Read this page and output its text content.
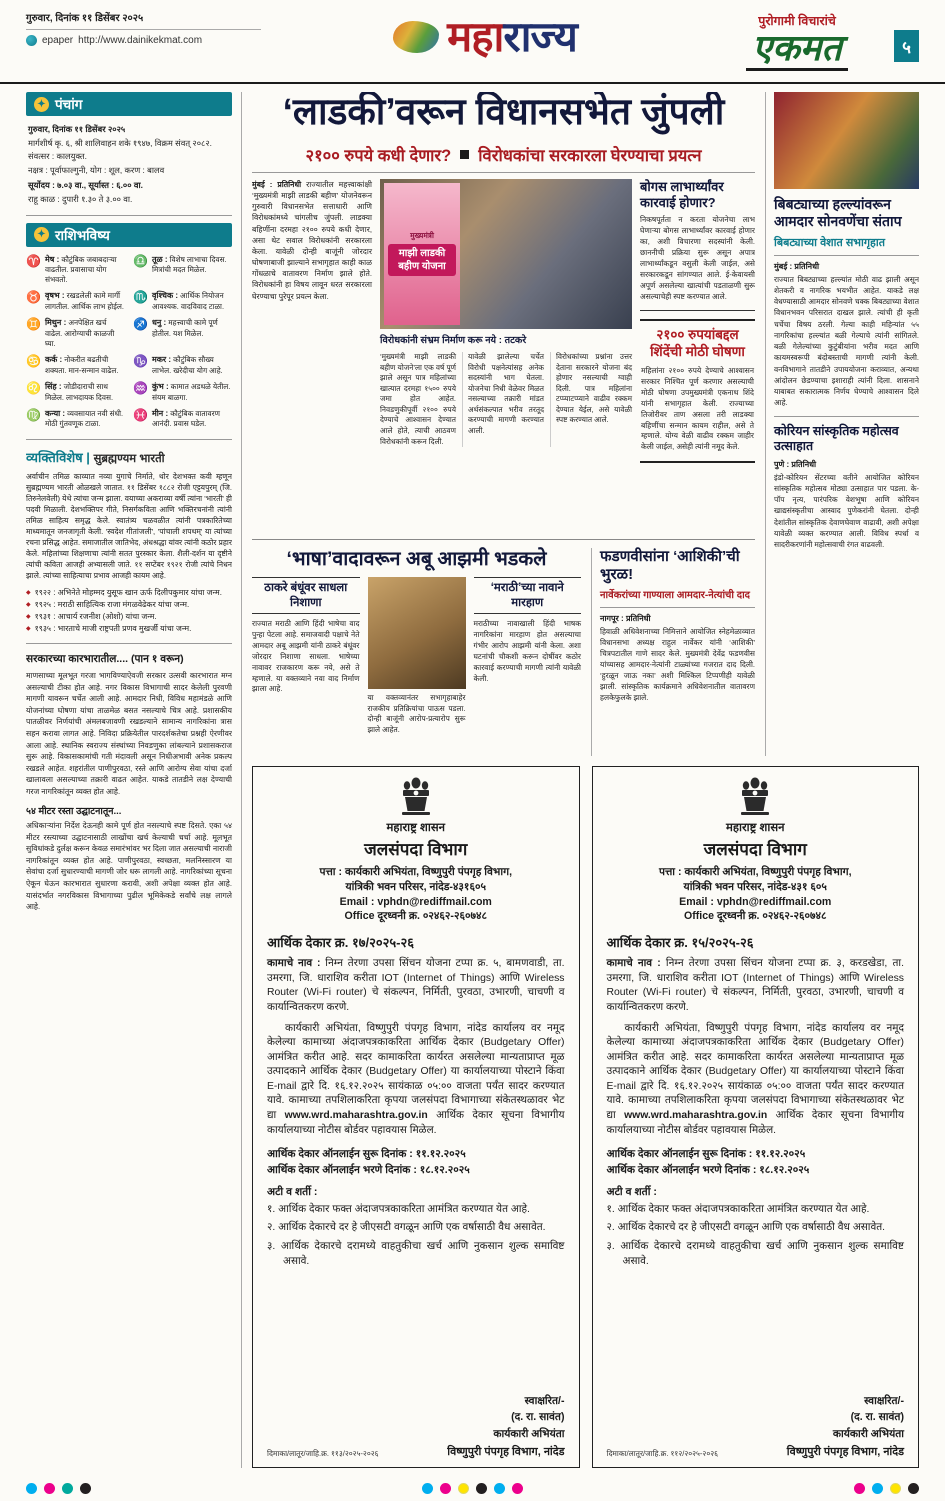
गुरुवार, दिनांक ११ डिसेंबर २०२५
epaper http://www.dainikekmat.com	महाराज्य	पुरोगामी विचारांचे
एकमत	५
✦ पंचांग
गुरुवार, दिनांक ११ डिसेंबर २०२५
मार्गशीर्ष कृ. ६, श्री शालिवाहन शके १९४७, विक्रम संवत् २०८२. संवत्सर : कालयुक्त.
नक्षत्र : पूर्वाफाल्गुनी, योग : शूल, करण : बालव
सूर्योदय : ७.०३ वा., सूर्यास्त : ६.०० वा.
राहू काळ : दुपारी १.३० ते ३.०० वा.
✦ राशिभविष्य
♈ मेष : कौटुंबिक जबाबदाऱ्या वाढतील. प्रवासाचा योग संभवतो.
♎ तूळ : विशेष लाभाचा दिवस. मित्रांची मदत मिळेल.
♉ वृषभ : रखडलेली कामे मार्गी लागतील. आर्थिक लाभ होईल.
♏ वृश्चिक : आर्थिक नियोजन आवश्यक. वादविवाद टाळा.
♊ मिथुन : अनपेक्षित खर्च वाढेल. आरोग्याची काळजी घ्या.
♐ धनु : महत्त्वाची कामे पूर्ण होतील. यश मिळेल.
♋ कर्क : नोकरीत बढतीची शक्यता. मान-सन्मान वाढेल.
♑ मकर : कौटुंबिक सौख्य लाभेल. खरेदीचा योग आहे.
♌ सिंह : जोडीदाराची साथ मिळेल. लाभदायक दिवस.
♒ कुंभ : कामात अडथळे येतील. संयम बाळगा.
♍ कन्या : व्यवसायात नवी संधी. मोठी गुंतवणूक टाळा.
♓ मीन : कौटुंबिक वातावरण आनंदी. प्रवास घडेल.
व्यक्तिविशेष | सुब्रह्मण्यम भारती
अर्वाचीन तमिळ काव्यात नव्या युगाचे निर्माते, थोर देशभक्त कवी म्हणून सुब्रह्मण्यम भारती ओळखले जातात. ११ डिसेंबर १८८२ रोजी एट्टयपुरम् (जि. तिरुनेलवेली) येथे त्यांचा जन्म झाला. वयाच्या अकराव्या वर्षी त्यांना 'भारती' ही पदवी मिळाली. देशभक्तिपर गीते, निसर्गकविता आणि भक्तिरचनांनी त्यांनी तमिळ साहित्य समृद्ध केले. स्वातंत्र्य चळवळीत त्यांनी पत्रकारितेच्या माध्यमातून जनजागृती केली. 'स्वदेश गीतांजली', 'पांचाली शपथम्' या त्यांच्या रचना प्रसिद्ध आहेत. समाजातील जातिभेद, अंधश्रद्धा यांवर त्यांनी कठोर प्रहार केले. महिलांच्या शिक्षणाचा त्यांनी सतत पुरस्कार केला. शैली-दर्शन या दृष्टीने त्यांची कविता आजही अभ्यासली जाते. ११ सप्टेंबर १९२१ रोजी त्यांचे निधन झाले. त्यांच्या साहित्याचा प्रभाव आजही कायम आहे.
◆ १९२२ : अभिनेते मोहम्मद युसूफ खान ऊर्फ दिलीपकुमार यांचा जन्म.
◆ १९२५ : मराठी साहित्यिक राजा मंगळवेढेकर यांचा जन्म.
◆ १९३१ : आचार्य रजनीश (ओशो) यांचा जन्म.
◆ १९३५ : भारताचे माजी राष्ट्रपती प्रणव मुखर्जी यांचा जन्म.
सरकारच्या कारभारातील.... (पान १ वरून)
माणसाच्या मूलभूत गरजा भागविण्याऐवजी सरकार उत्सवी कारभारात मग्न असल्याची टीका होत आहे. नगर विकास विभागाची सादर केलेली पुरवणी मागणी यावरून चर्चेत आली आहे. आमदार निधी, विविध महामंडळे आणि योजनांच्या घोषणा यांचा ताळमेळ बसत नसल्याचे चित्र आहे. प्रशासकीय पातळीवर निर्णयांची अंमलबजावणी रखडल्याने सामान्य नागरिकांना त्रास सहन करावा लागत आहे. निविदा प्रक्रियेतील पारदर्शकतेचा प्रश्नही ऐरणीवर आला आहे. स्थानिक स्वराज्य संस्थांच्या निवडणुका लांबल्याने प्रशासकराज सुरू आहे. विकासकामांची गती मंदावली असून निधीअभावी अनेक प्रकल्प रखडले आहेत. शहरांतील पाणीपुरवठा, रस्ते आणि आरोग्य सेवा यांचा दर्जा खालावला असल्याच्या तक्रारी वाढत आहेत. याकडे तातडीने लक्ष देण्याची गरज नागरिकांतून व्यक्त होत आहे.
५४ मीटर रस्ता उद्घाटनातून...
अधिकाऱ्यांना निर्देश देऊनही कामे पूर्ण होत नसल्याचे स्पष्ट दिसते. एका ५४ मीटर रस्त्याच्या उद्घाटनासाठी लाखोंचा खर्च केल्याची चर्चा आहे. मूलभूत सुविधांकडे दुर्लक्ष करून केवळ समारंभांवर भर दिला जात असल्याची नाराजी नागरिकांतून व्यक्त होत आहे. पाणीपुरवठा, स्वच्छता, मलनिस्सारण या सेवांचा दर्जा सुधारण्याची मागणी जोर धरू लागली आहे. नागरिकांच्या सूचना ऐकून घेऊन कारभारात सुधारणा करावी, अशी अपेक्षा व्यक्त होत आहे. यासंदर्भात नगरविकास विभागाच्या पुढील भूमिकेकडे सर्वांचे लक्ष लागले आहे.
‘लाडकी’वरून विधानसभेत जुंपली
२१०० रुपये कधी देणार? विरोधकांचा सरकारला घेरण्याचा प्रयत्न
मुंबई : प्रतिनिधी राज्यातील महत्त्वाकांक्षी ‘मुख्यमंत्री माझी लाडकी बहीण’ योजनेवरून गुरुवारी विधानसभेत सत्ताधारी आणि विरोधकांमध्ये चांगलीच जुंपली. लाडक्या बहिणींना दरमहा २१०० रुपये कधी देणार, असा थेट सवाल विरोधकांनी सरकारला केला. यावेळी दोन्ही बाजूंनी जोरदार घोषणाबाजी झाल्याने सभागृहात काही काळ गोंधळाचे वातावरण निर्माण झाले होते. विरोधकांनी हा विषय लावून धरत सरकारला घेरण्याचा पुरेपूर प्रयत्न केला.
मुख्यमंत्री
माझी लाडकी बहीण योजना
विरोधकांनी संभ्रम निर्माण करू नये : तटकरे
‘मुख्यमंत्री माझी लाडकी बहीण योजने’ला एक वर्ष पूर्ण झाले असून पात्र महिलांच्या खात्यात दरमहा १५०० रुपये जमा होत आहेत. निवडणुकीपूर्वी २१०० रुपये देण्याचे आश्वासन देण्यात आले होते, त्याची आठवण विरोधकांनी करून दिली.
यावेळी झालेल्या चर्चेत विरोधी पक्षनेत्यांसह अनेक सदस्यांनी भाग घेतला. योजनेचा निधी वेळेवर मिळत नसल्याच्या तक्रारी मांडत अर्थसंकल्पात भरीव तरतूद करण्याची मागणी करण्यात आली.
विरोधकांच्या प्रश्नांना उत्तर देताना सरकारने योजना बंद होणार नसल्याची ग्वाही दिली. पात्र महिलांना टप्प्याटप्प्याने वाढीव रक्कम देण्यात येईल, असे यावेळी स्पष्ट करण्यात आले.
बोगस लाभार्थ्यांवर कारवाई होणार?
निकषपूर्तता न करता योजनेचा लाभ घेणाऱ्या बोगस लाभार्थ्यांवर कारवाई होणार का, अशी विचारणा सदस्यांनी केली. छाननीची प्रक्रिया सुरू असून अपात्र लाभार्थ्यांकडून वसुली केली जाईल, असे सरकारकडून सांगण्यात आले. ई-केवायसी अपूर्ण असलेल्या खात्यांची पडताळणी सुरू असल्याचेही स्पष्ट करण्यात आले.
२१०० रुपयांबद्दल शिंदेंची मोठी घोषणा
महिलांना २१०० रुपये देण्याचे आश्वासन सरकार निश्चित पूर्ण करणार असल्याची मोठी घोषणा उपमुख्यमंत्री एकनाथ शिंदे यांनी सभागृहात केली. राज्याच्या तिजोरीवर ताण असला तरी लाडक्या बहिणींचा सन्मान कायम राहील, असे ते म्हणाले. योग्य वेळी वाढीव रक्कम जाहीर केली जाईल, असेही त्यांनी नमूद केले.
‘भाषा’वादावरून अबू आझमी भडकले
ठाकरे बंधूंवर साधला निशाणा
राज्यात मराठी आणि हिंदी भाषेचा वाद पुन्हा पेटला आहे. समाजवादी पक्षाचे नेते आमदार अबू आझमी यांनी ठाकरे बंधूंवर जोरदार निशाणा साधला. भाषेच्या नावावर राजकारण करू नये, असे ते म्हणाले. या वक्तव्याने नवा वाद निर्माण झाला आहे.
या वक्तव्यानंतर सभागृहाबाहेर राजकीय प्रतिक्रियांचा पाऊस पडला. दोन्ही बाजूंनी आरोप-प्रत्यारोप सुरू झाले आहेत.
‘मराठी’च्या नावाने मारहाण
मराठीच्या नावाखाली हिंदी भाषक नागरिकांना मारहाण होत असल्याचा गंभीर आरोप आझमी यांनी केला. अशा घटनांची चौकशी करून दोषींवर कठोर कारवाई करण्याची मागणी त्यांनी यावेळी केली.
फडणवीसांना ‘आशिकी’ची भुरळ!
नार्वेकरांच्या गाण्याला आमदार-नेत्यांची दाद
नागपूर : प्रतिनिधी
हिवाळी अधिवेशनाच्या निमित्ताने आयोजित स्नेहमेळाव्यात विधानसभा अध्यक्ष राहुल नार्वेकर यांनी ‘आशिकी’ चित्रपटातील गाणे सादर केले. मुख्यमंत्री देवेंद्र फडणवीस यांच्यासह आमदार-नेत्यांनी टाळ्यांच्या गजरात दाद दिली. ‘हुरळून जाऊ नका’ अशी मिश्किल टिप्पणीही यावेळी झाली. सांस्कृतिक कार्यक्रमाने अधिवेशनातील वातावरण हलकेफुलके झाले.
बिबट्याच्या हल्ल्यांवरून आमदार सोनवणेंचा संताप
बिबट्याच्या वेशात सभागृहात
मुंबई : प्रतिनिधी
राज्यात बिबट्याच्या हल्ल्यांत मोठी वाढ झाली असून शेतकरी व नागरिक भयभीत आहेत. याकडे लक्ष वेधण्यासाठी आमदार सोनवणे चक्क बिबट्याच्या वेशात विधानभवन परिसरात दाखल झाले. त्यांची ही कृती चर्चेचा विषय ठरली. गेल्या काही महिन्यांत ५५ नागरिकांचा हल्ल्यांत बळी गेल्याचे त्यांनी सांगितले. बळी गेलेल्यांच्या कुटुंबीयांना भरीव मदत आणि कायमस्वरूपी बंदोबस्ताची मागणी त्यांनी केली. वनविभागाने तातडीने उपाययोजना कराव्यात, अन्यथा आंदोलन छेडण्याचा इशाराही त्यांनी दिला. शासनाने याबाबत सकारात्मक निर्णय घेण्याचे आश्वासन दिले आहे.
कोरियन सांस्कृतिक महोत्सव उत्साहात
पुणे : प्रतिनिधी
इंडो-कोरियन सेंटरच्या वतीने आयोजित कोरियन सांस्कृतिक महोत्सव मोठ्या उत्साहात पार पडला. के-पॉप नृत्य, पारंपरिक वेशभूषा आणि कोरियन खाद्यसंस्कृतीचा आस्वाद पुणेकरांनी घेतला. दोन्ही देशांतील सांस्कृतिक देवाणघेवाण वाढावी, अशी अपेक्षा यावेळी व्यक्त करण्यात आली. विविध स्पर्धा व सादरीकरणांनी महोत्सवाची रंगत वाढवली.
महाराष्ट्र शासन
जलसंपदा विभाग
पत्ता : कार्यकारी अभियंता, विष्णुपुरी पंपगृह विभाग,
यांत्रिकी भवन परिसर, नांदेड-४३१६०५
Email : vphdn@rediffmail.com
Office दूरध्वनी क्र. ०२४६२-२६०७४८
आर्थिक देकार क्र. १७/२०२५-२६
कामाचे नाव : निम्न तेरणा उपसा सिंचन योजना टप्पा क्र. ५, बामणवाडी, ता. उमरगा, जि. धाराशिव करीता IOT (Internet of Things) आणि Wireless Router (Wi-Fi router) चे संकल्पन, निर्मिती, पुरवठा, उभारणी, चाचणी व कार्यान्वितकरण करणे.
कार्यकारी अभियंता, विष्णुपुरी पंपगृह विभाग, नांदेड कार्यालय वर नमूद केलेल्या कामाच्या अंदाजपत्रकाकरिता आर्थिक देकार (Budgetary Offer) आमंत्रित करीत आहे. सदर कामाकरिता कार्यरत असलेल्या मान्यताप्राप्त मूळ उत्पादकाने आर्थिक देकार (Budgetary Offer) या कार्यालयाच्या पोस्टाने किंवा E-mail द्वारे दि. १६.१२.२०२५ सायंकाळ ०५:०० वाजता पर्यंत सादर करण्यात यावे. कामाच्या तपशिलाकरिता कृपया जलसंपदा विभागाच्या संकेतस्थळावर भेट द्या www.wrd.maharashtra.gov.in आर्थिक देकार सूचना विभागीय कार्यालयाच्या नोटीस बोर्डवर पहावयास मिळेल.
आर्थिक देकार ऑनलाईन सुरू दिनांक : ११.१२.२०२५
आर्थिक देकार ऑनलाईन भरणे दिनांक : १८.१२.२०२५
अटी व शर्ती :
१. आर्थिक देकार फक्त अंदाजपत्रकाकरिता आमंत्रित करण्यात येत आहे.
२. आर्थिक देकारचे दर हे जीएसटी वगळून आणि एक वर्षासाठी वैध असावेत.
३. आर्थिक देकारचे दरामध्ये वाहतुकीचा खर्च आणि नुकसान शुल्क समाविष्ट असावे.
स्वाक्षरित/-
(द. रा. सावंत)
कार्यकारी अभियंता
दिमाका/लातूर/जाहि.क्र. ११३/२०२५-२०२६	विष्णुपुरी पंपगृह विभाग, नांदेड
महाराष्ट्र शासन
जलसंपदा विभाग
पत्ता : कार्यकारी अभियंता, विष्णुपुरी पंपगृह विभाग,
यांत्रिकी भवन परिसर, नांदेड-४३१ ६०५
Email : vphdn@rediffmail.com
Office दूरध्वनी क्र. ०२४६२-२६०७४८
आर्थिक देकार क्र. १५/२०२५-२६
कामाचे नाव : निम्न तेरणा उपसा सिंचन योजना टप्पा क्र. ३, करडखेडा, ता. उमरगा, जि. धाराशिव करीता IOT (Internet of Things) आणि Wireless Router (Wi-Fi router) चे संकल्पन, निर्मिती, पुरवठा, उभारणी, चाचणी व कार्यान्वितकरण करणे.
कार्यकारी अभियंता, विष्णुपुरी पंपगृह विभाग, नांदेड कार्यालय वर नमूद केलेल्या कामाच्या अंदाजपत्रकाकरिता आर्थिक देकार (Budgetary Offer) आमंत्रित करीत आहे. सदर कामाकरिता कार्यरत असलेल्या मान्यताप्राप्त मूळ उत्पादकाने आर्थिक देकार (Budgetary Offer) या कार्यालयाच्या पोस्टाने किंवा E-mail द्वारे दि. १६.१२.२०२५ सायंकाळ ०५:०० वाजता पर्यंत सादर करण्यात यावे. कामाच्या तपशिलाकरिता कृपया जलसंपदा विभागाच्या संकेतस्थळावर भेट द्या www.wrd.maharashtra.gov.in आर्थिक देकार सूचना विभागीय कार्यालयाच्या नोटीस बोर्डवर पहावयास मिळेल.
आर्थिक देकार ऑनलाईन सुरू दिनांक : ११.१२.२०२५
आर्थिक देकार ऑनलाईन भरणे दिनांक : १८.१२.२०२५
अटी व शर्ती :
१. आर्थिक देकार फक्त अंदाजपत्रकाकरिता आमंत्रित करण्यात येत आहे.
२. आर्थिक देकारचे दर हे जीएसटी वगळून आणि एक वर्षासाठी वैध असावेत.
३. आर्थिक देकारचे दरामध्ये वाहतुकीचा खर्च आणि नुकसान शुल्क समाविष्ट असावे.
स्वाक्षरित/-
(द. रा. सावंत)
कार्यकारी अभियंता
दिमाका/लातूर/जाहि.क्र. ११२/२०२५-२०२६	विष्णुपुरी पंपगृह विभाग, नांदेड
